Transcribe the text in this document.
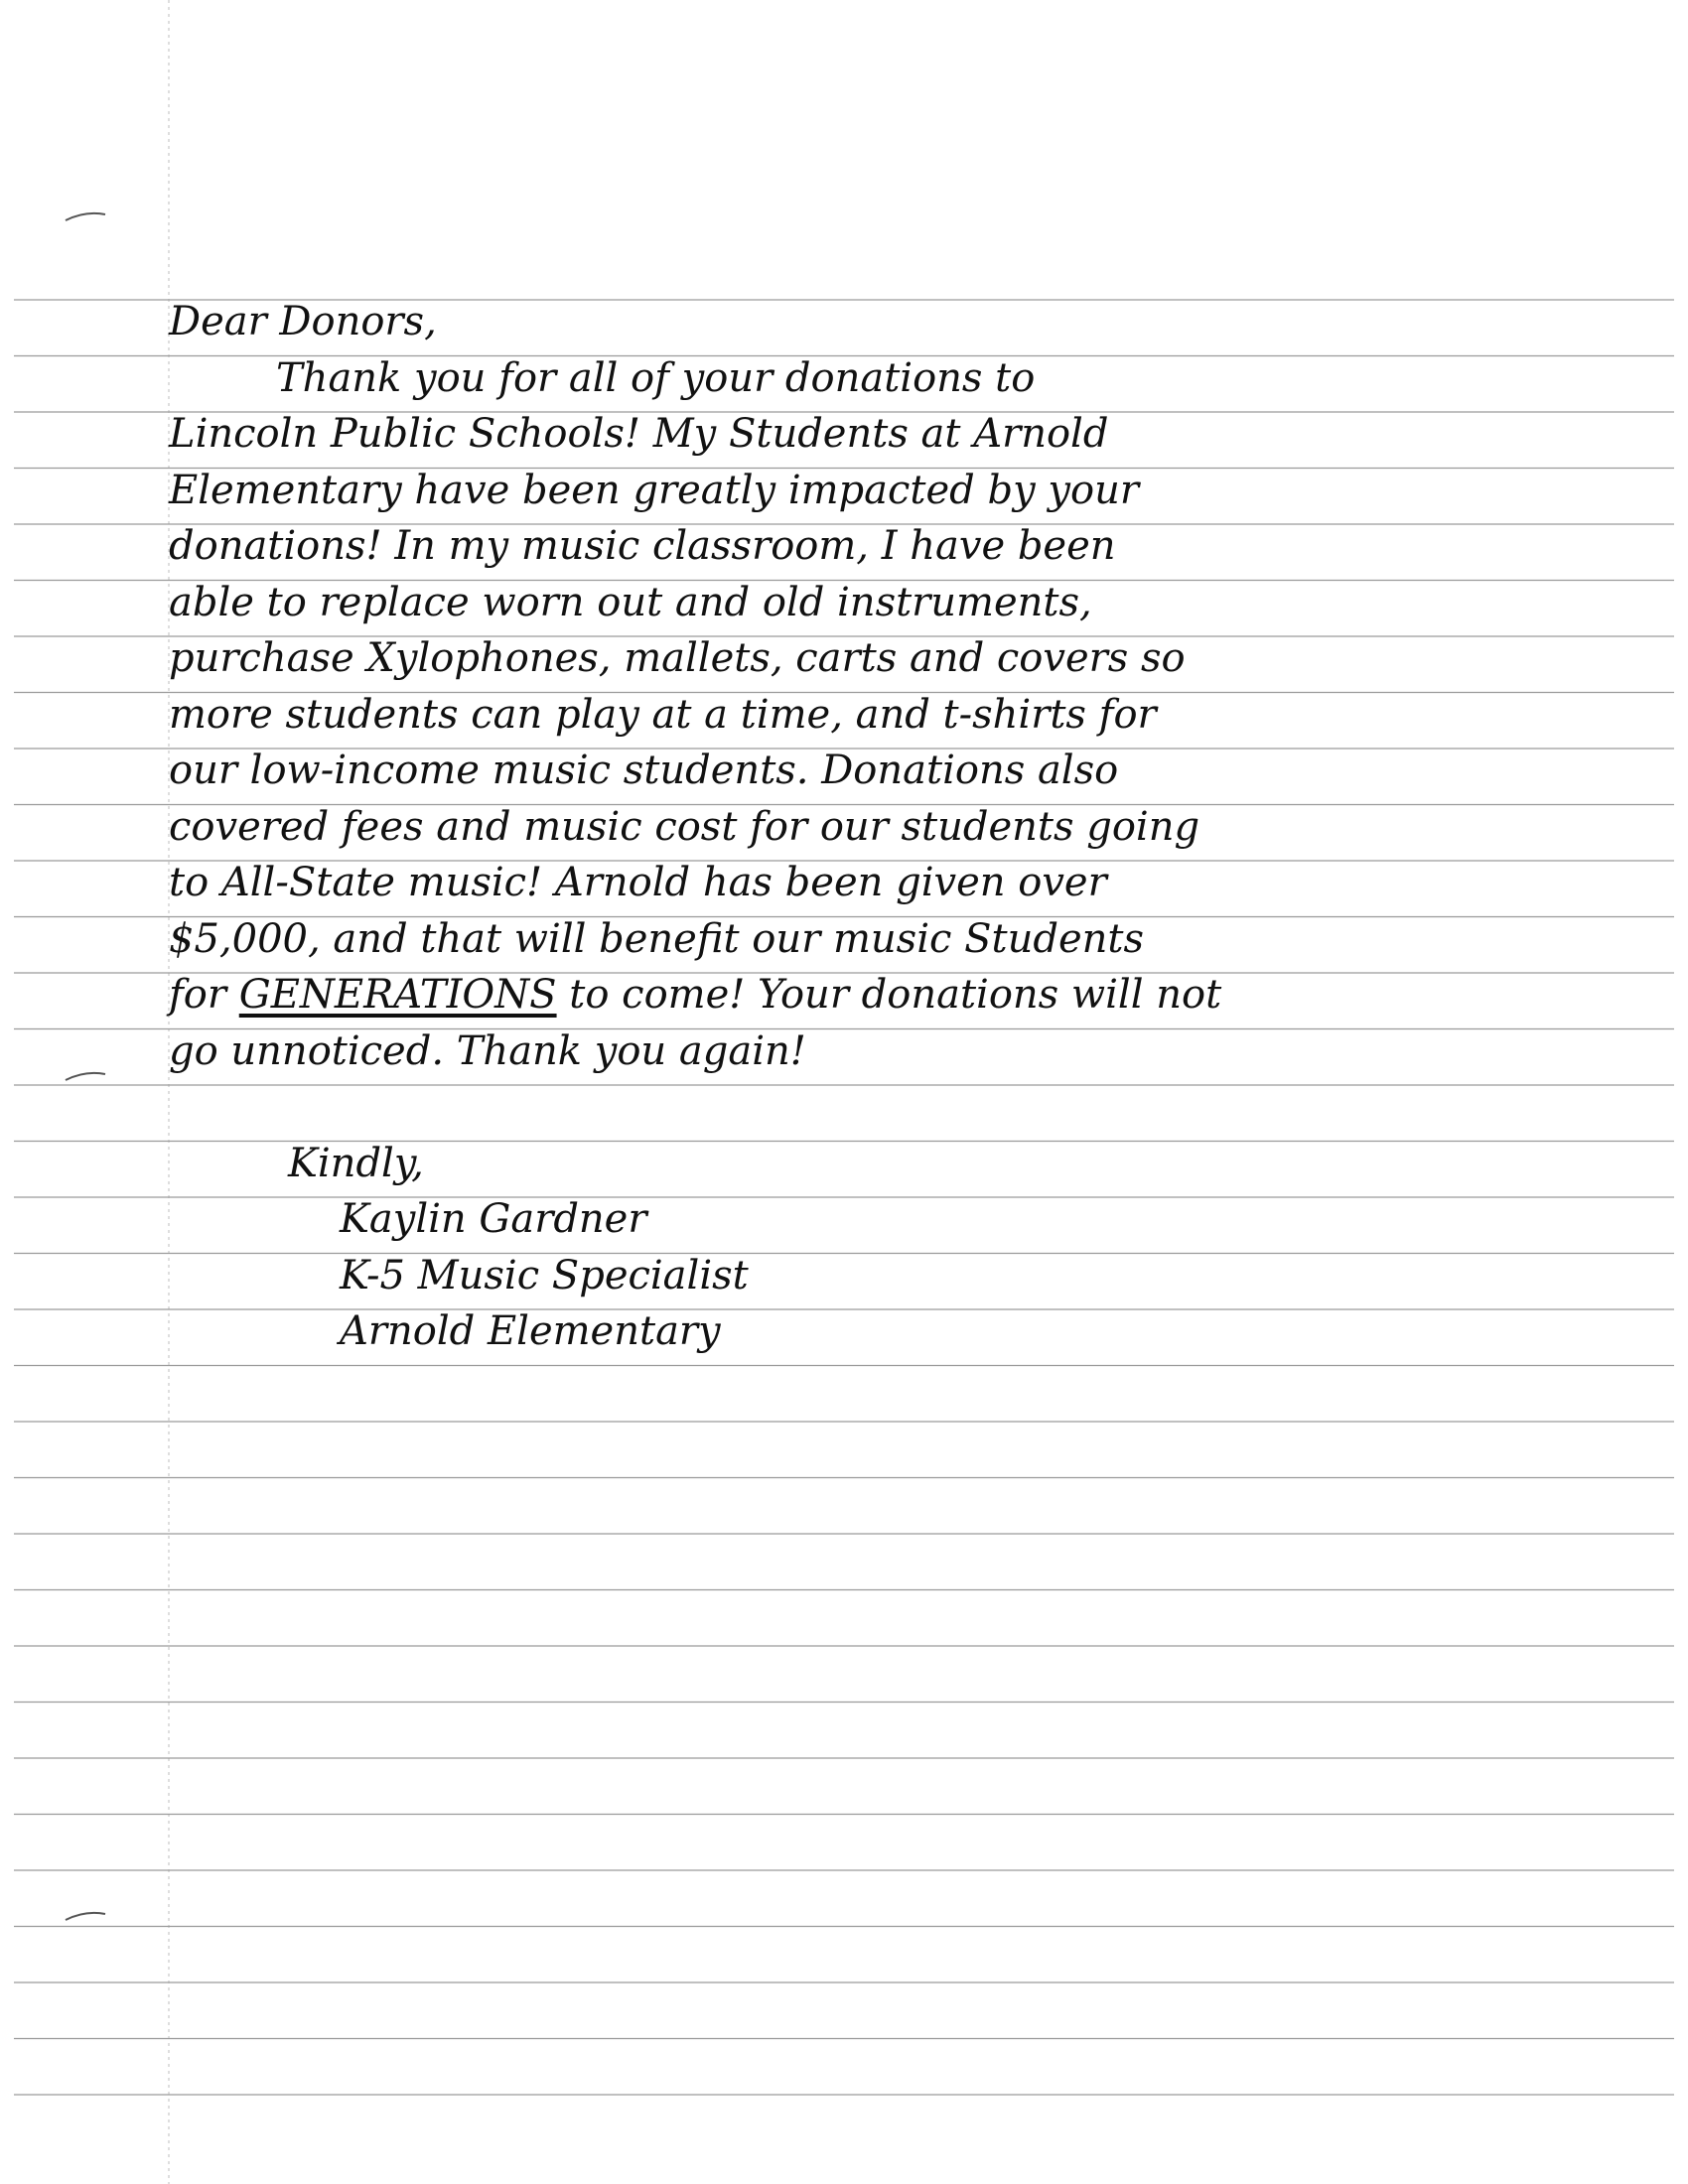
Dear Donors,
Thank you for all of your donations to
Lincoln Public Schools! My Students at Arnold
Elementary have been greatly impacted by your
donations! In my music classroom, I have been
able to replace worn out and old instruments,
purchase Xylophones, mallets, carts and covers so
more students can play at a time, and t-shirts for
our low-income music students. Donations also
covered fees and music cost for our students going
to All-State music! Arnold has been given over
$5,000, and that will benefit our music Students
for GENERATIONS to come! Your donations will not
go unnoticed. Thank you again!
Kindly,
Kaylin Gardner
K-5 Music Specialist
Arnold Elementary
